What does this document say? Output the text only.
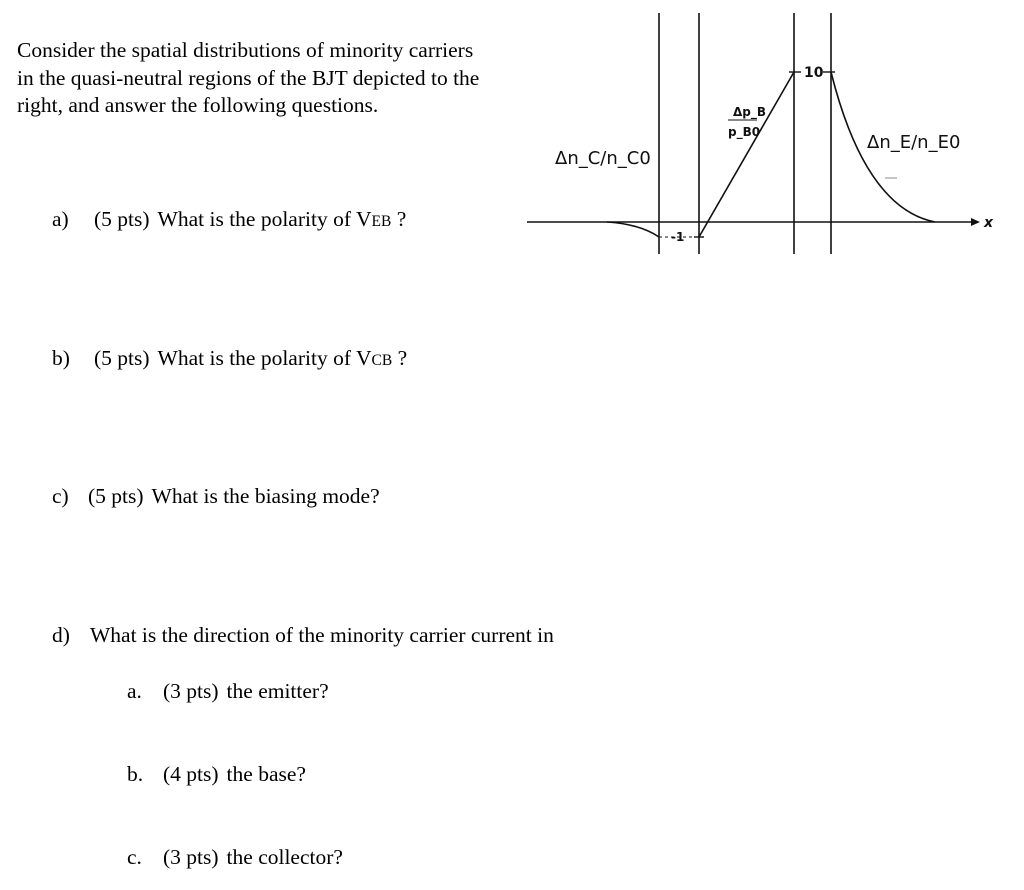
Consider the spatial distributions of minority carriers in the quasi-neutral regions of the BJT depicted to the right, and answer the following questions.

Δn_C/n_C0
Δp_B
p_B0	Δn_E/n_E0
10
-1
x
a) (5 pts) What is the polarity of VEB ?
b) (5 pts) What is the polarity of VCB ?
c) (5 pts) What is the biasing mode?
d) What is the direction of the minority carrier current in
a. (3 pts) the emitter?
b. (4 pts) the base?
c. (3 pts) the collector?
